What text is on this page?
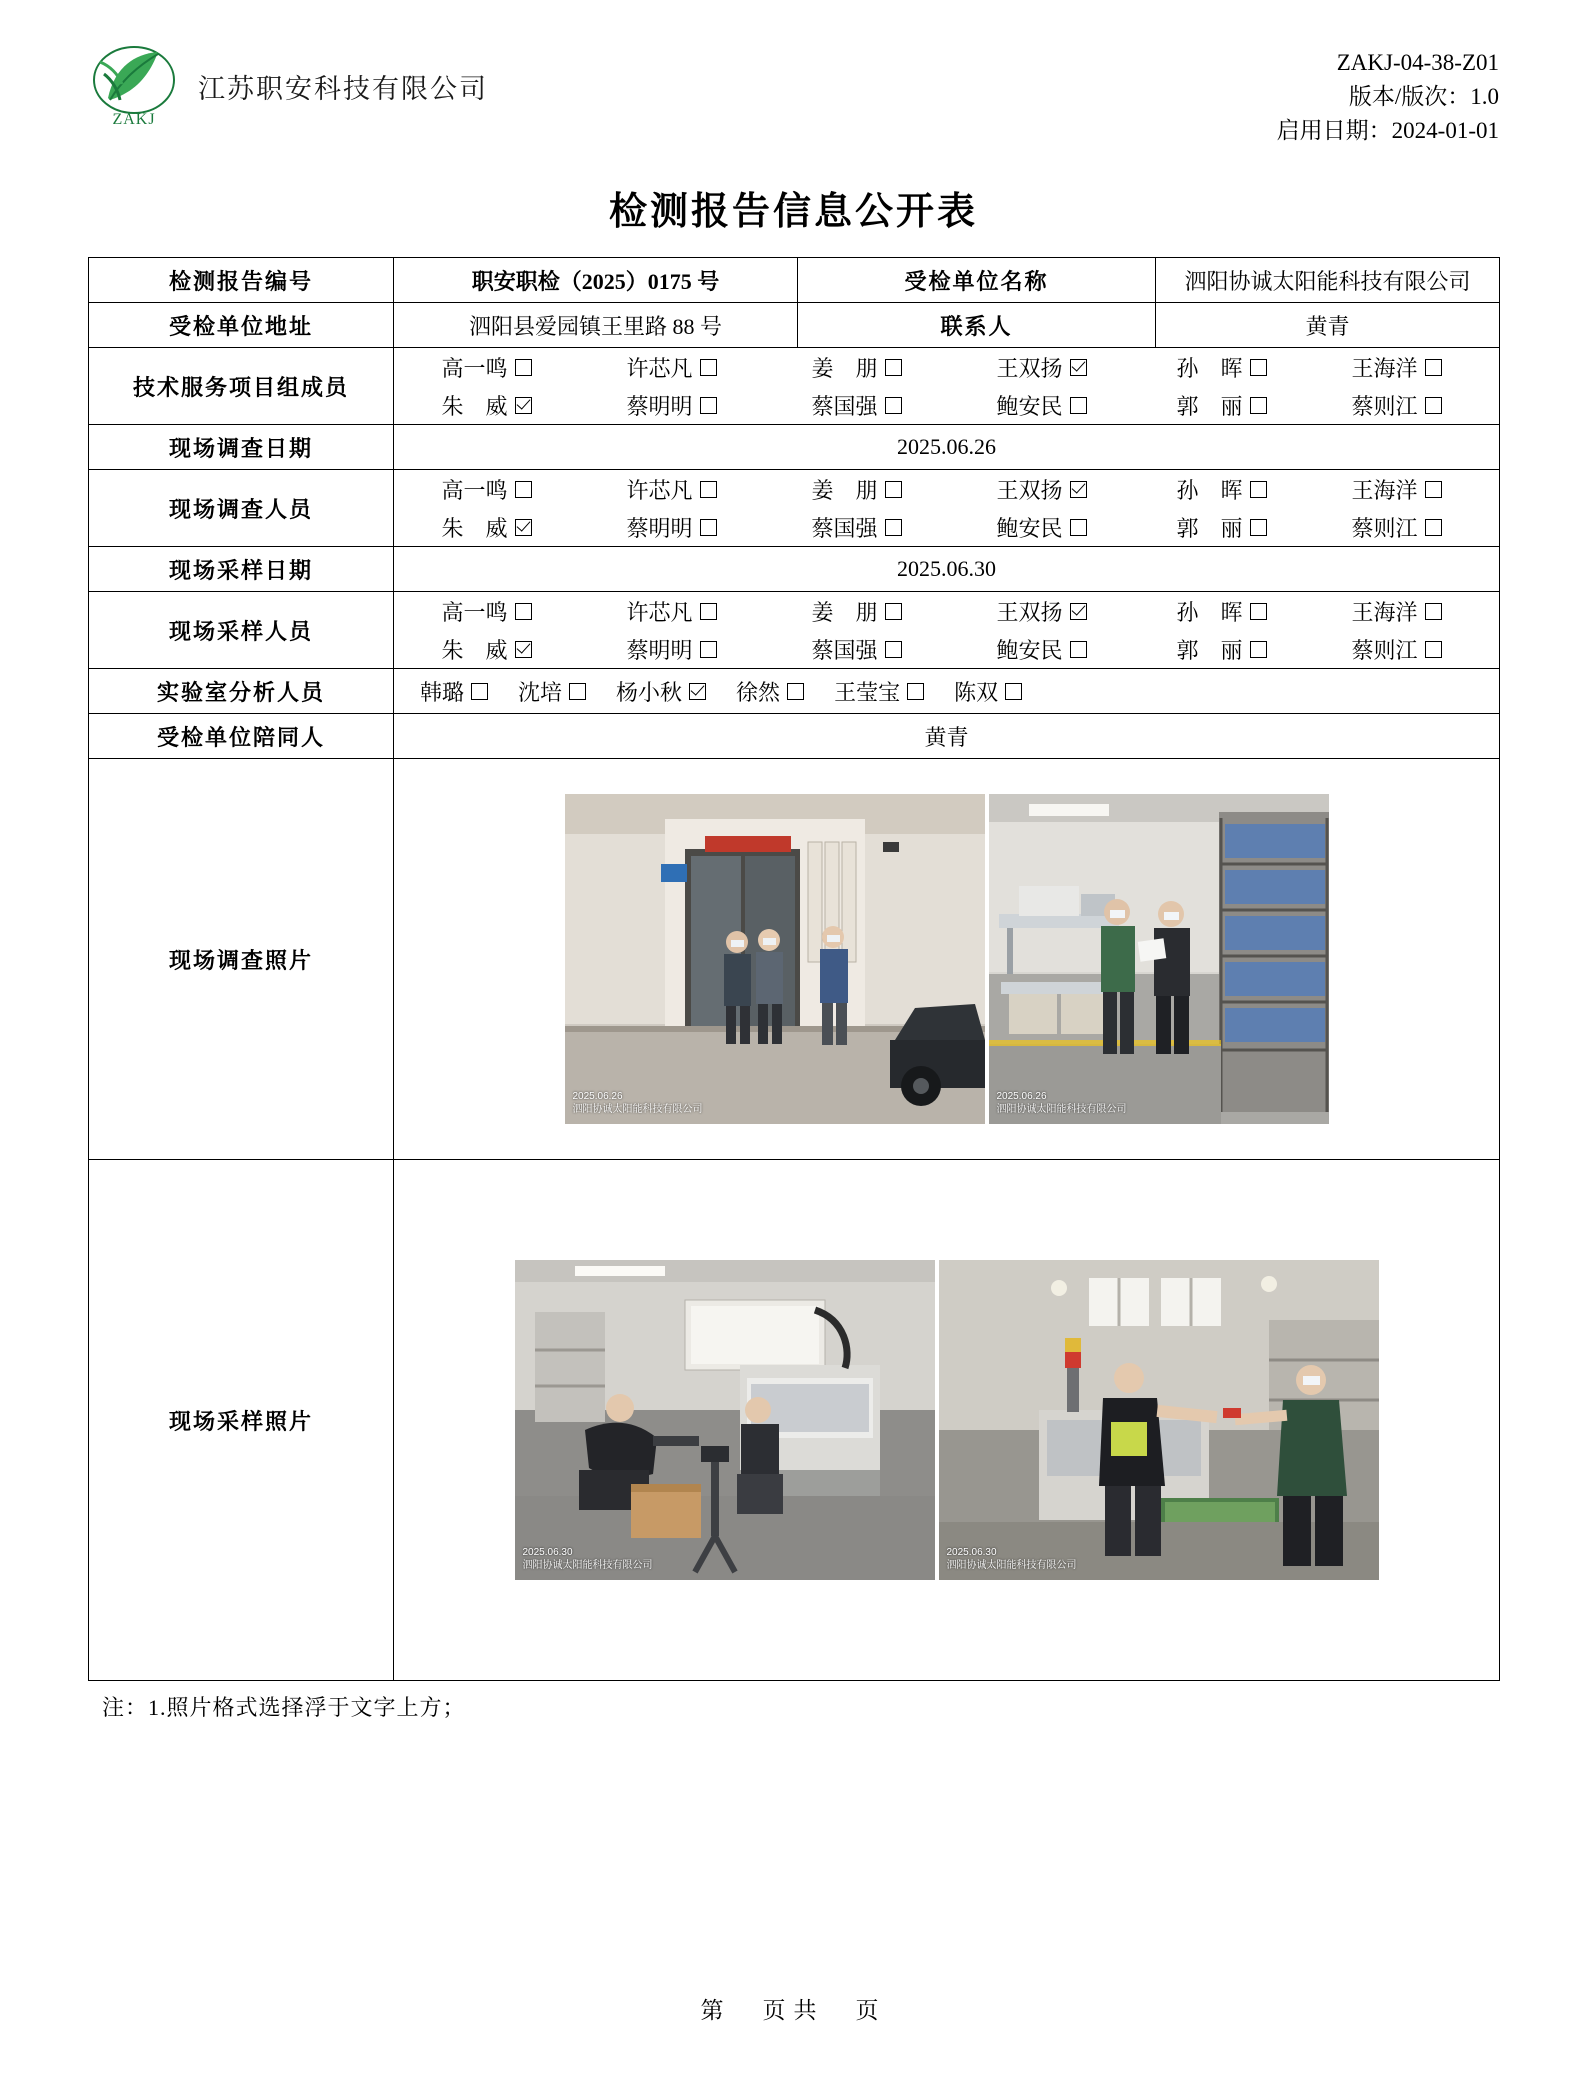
ZAKJ
江苏职安科技有限公司
ZAKJ-04-38-Z01
版本/版次：1.0
启用日期：2024-01-01
检测报告信息公开表
检测报告编号	职安职检（2025）0175 号	受检单位名称	泗阳协诚太阳能科技有限公司
受检单位地址	泗阳县爱园镇王里路 88 号	联系人	黄青
技术服务项目组成员	
高一鸣	许芯凡	姜　朋	王双扬	孙　晖	王海洋
朱　威	蔡明明	蔡国强	鲍安民	郭　丽	蔡则江

现场调查日期	2025.06.26		
现场调查人员	
高一鸣	许芯凡	姜　朋	王双扬	孙　晖	王海洋
朱　威	蔡明明	蔡国强	鲍安民	郭　丽	蔡则江

现场采样日期	2025.06.30		
现场采样人员	
高一鸣	许芯凡	姜　朋	王双扬	孙　晖	王海洋
朱　威	蔡明明	蔡国强	鲍安民	郭　丽	蔡则江

实验室分析人员	韩璐 沈培 杨小秋 徐然 王莹宝 陈双

受检单位陪同人	黄青		
现场调查照片	2025.06.26
泗阳协诚太阳能科技有限公司
2025.06.26
泗阳协诚太阳能科技有限公司		

现场采样照片	2025.06.30
泗阳协诚太阳能科技有限公司
2025.06.30
泗阳协诚太阳能科技有限公司		
注：1.照片格式选择浮于文字上方；
第　页共　页
